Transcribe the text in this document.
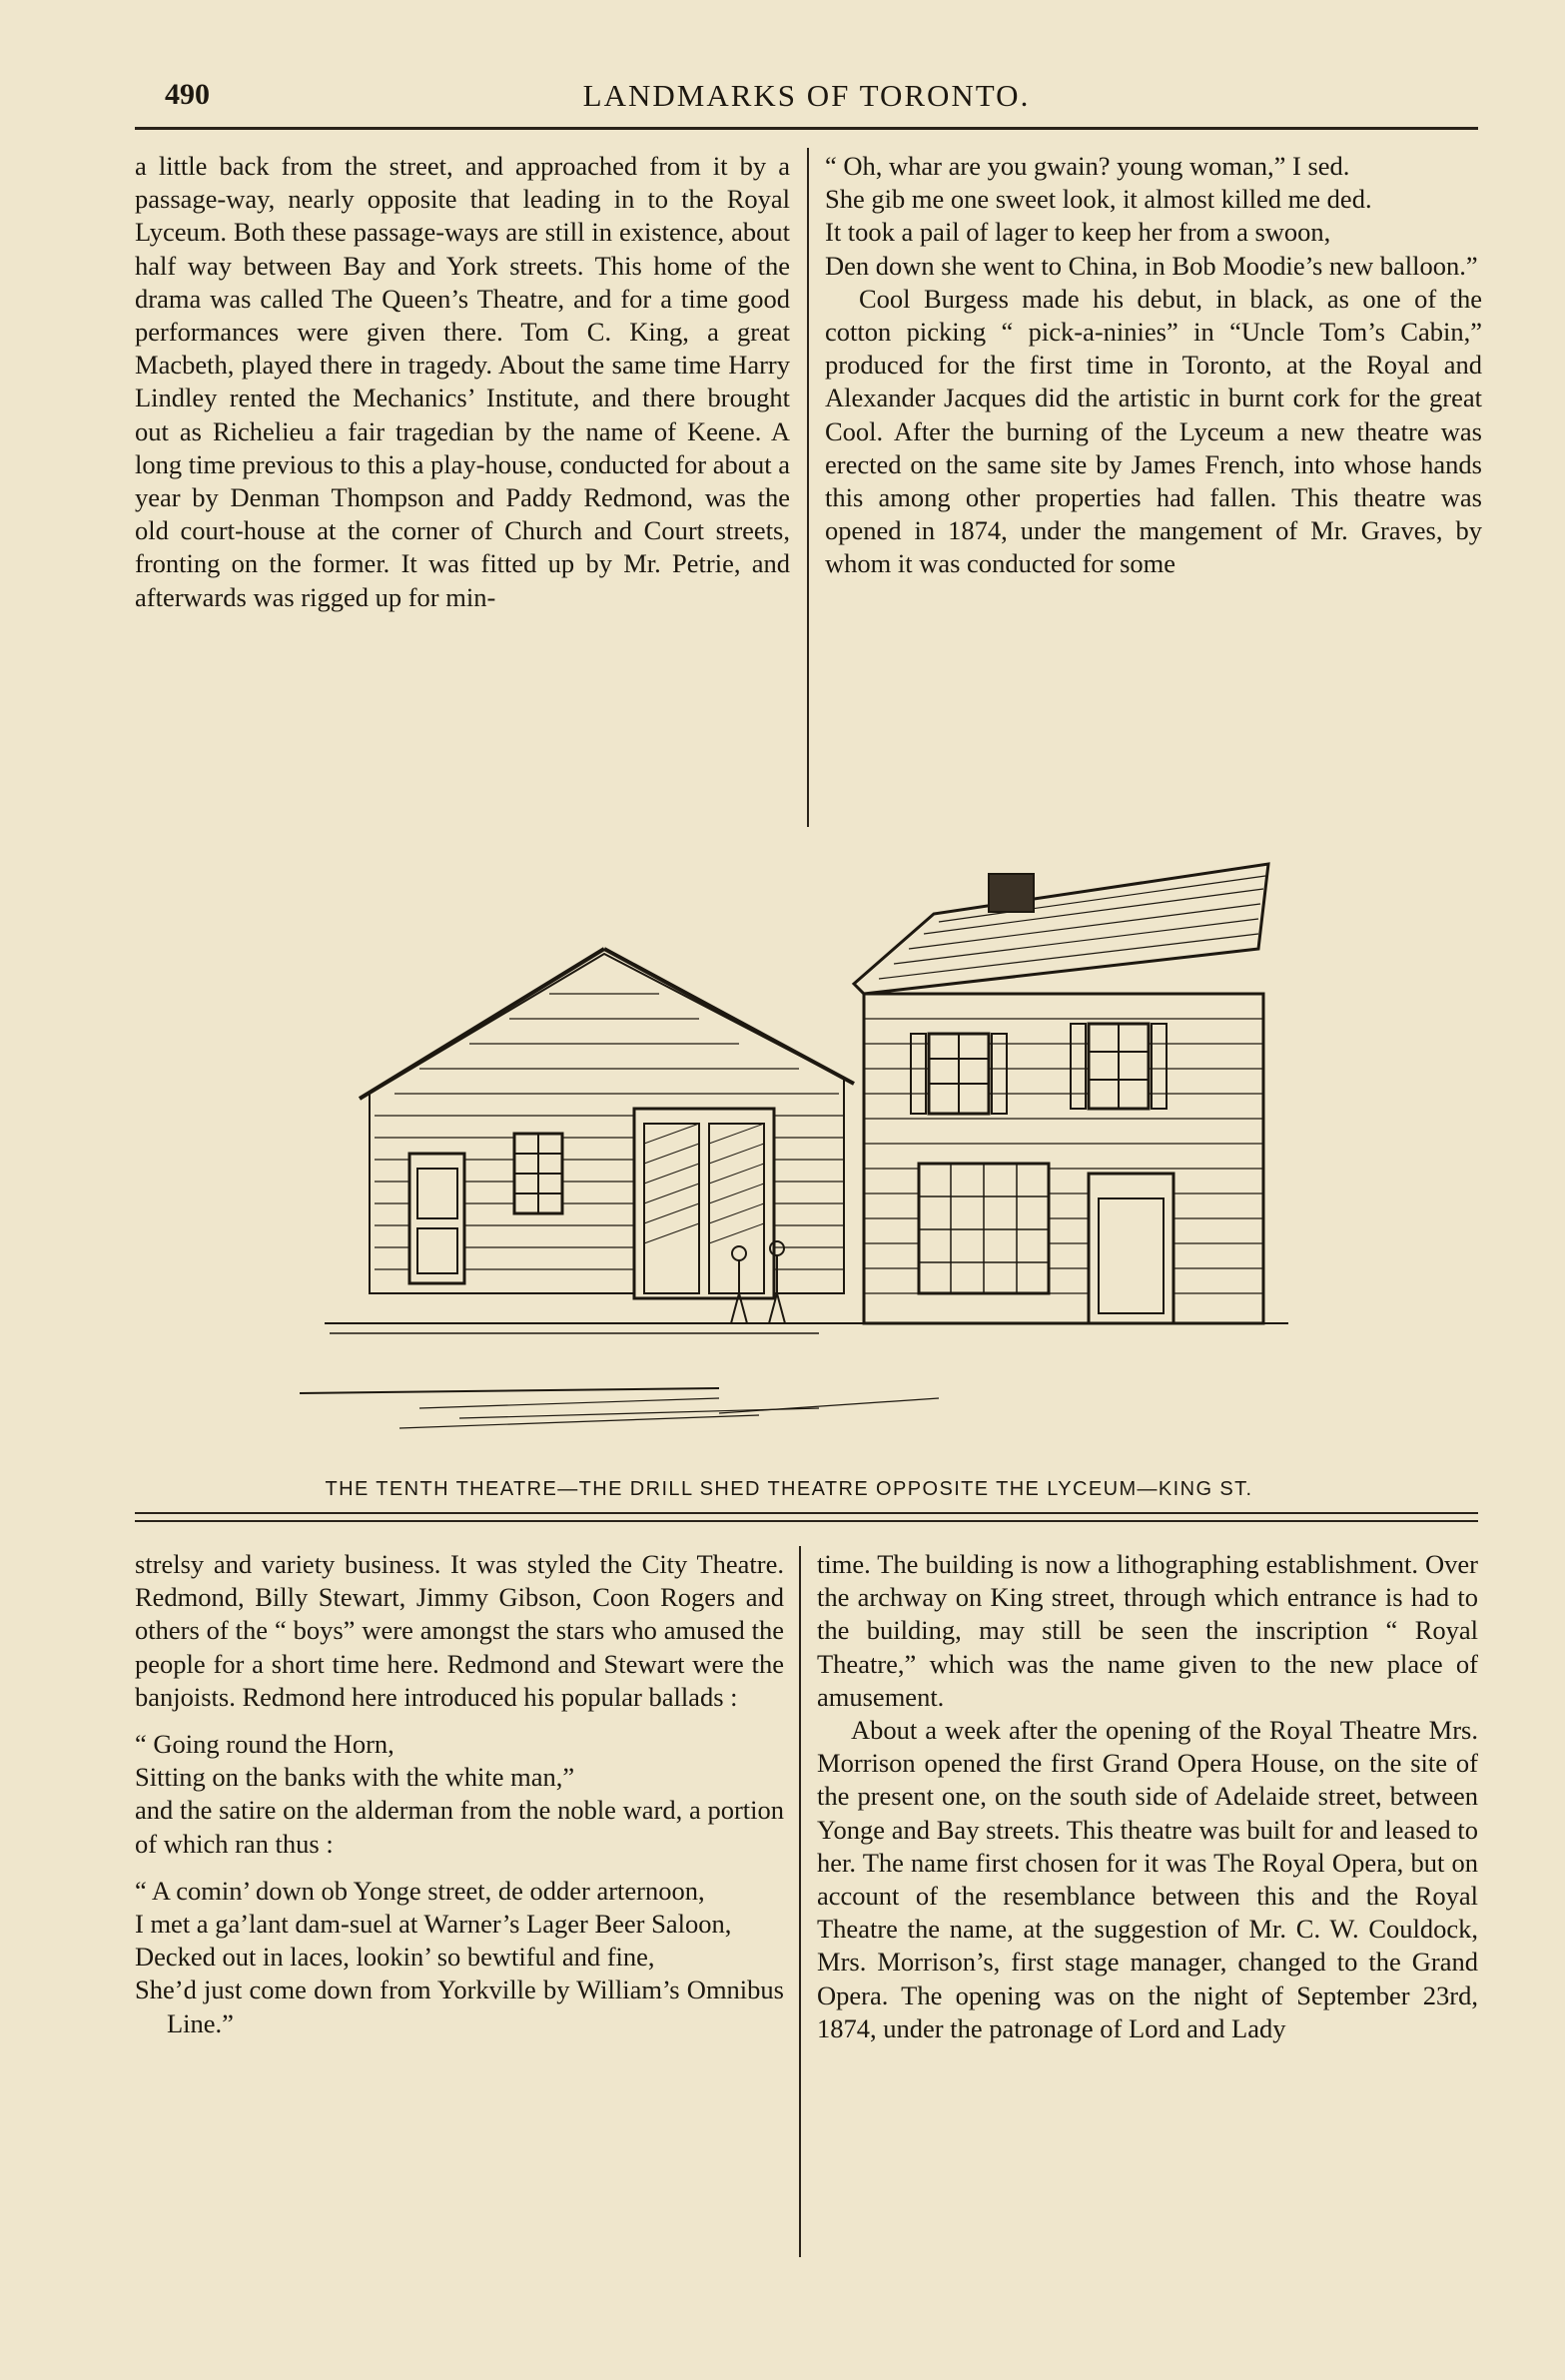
490	LANDMARKS OF TORONTO.

a little back from the street, and approached from it by a passage-way, nearly opposite that leading in to the Royal Lyceum. Both these passage-ways are still in existence, about half way between Bay and York streets. This home of the drama was called The Queen’s Theatre, and for a time good performances were given there. Tom C. King, a great Macbeth, played there in tragedy. About the same time Harry Lindley rented the Mechanics’ Institute, and there brought out as Richelieu a fair tragedian by the name of Keene. A long time previous to this a play-house, conducted for about a year by Denman Thompson and Paddy Redmond, was the old court-house at the corner of Church and Court streets, fronting on the former. It was fitted up by Mr. Petrie, and afterwards was rigged up for min-

“ Oh, whar are you gwain? young woman,” I sed.

She gib me one sweet look, it almost killed me ded.

It took a pail of lager to keep her from a swoon,

Den down she went to China, in Bob Moodie’s new balloon.”

Cool Burgess made his debut, in black, as one of the cotton picking “ pick-a-ninies” in “Uncle Tom’s Cabin,” produced for the first time in Toronto, at the Royal and Alexander Jacques did the artistic in burnt cork for the great Cool. After the burning of the Lyceum a new theatre was erected on the same site by James French, into whose hands this among other properties had fallen. This theatre was opened in 1874, under the mangement of Mr. Graves, by whom it was conducted for some

THE TENTH THEATRE—THE DRILL SHED THEATRE OPPOSITE THE LYCEUM—KING ST.

strelsy and variety business. It was styled the City Theatre. Redmond, Billy Stewart, Jimmy Gibson, Coon Rogers and others of the “ boys” were amongst the stars who amused the people for a short time here. Redmond and Stewart were the banjoists. Redmond here introduced his popular ballads :

“ Going round the Horn,

Sitting on the banks with the white man,”

and the satire on the alderman from the noble ward, a portion of which ran thus :

“ A comin’ down ob Yonge street, de odder arternoon,

I met a ga’lant dam-suel at Warner’s Lager Beer Saloon,

Decked out in laces, lookin’ so bewtiful and fine,

She’d just come down from Yorkville by William’s Omnibus Line.”

time. The building is now a lithographing establishment. Over the archway on King street, through which entrance is had to the building, may still be seen the inscription “ Royal Theatre,” which was the name given to the new place of amusement.

About a week after the opening of the Royal Theatre Mrs. Morrison opened the first Grand Opera House, on the site of the present one, on the south side of Adelaide street, between Yonge and Bay streets. This theatre was built for and leased to her. The name first chosen for it was The Royal Opera, but on account of the resemblance between this and the Royal Theatre the name, at the suggestion of Mr. C. W. Couldock, Mrs. Morrison’s, first stage manager, changed to the Grand Opera. The opening was on the night of September 23rd, 1874, under the patronage of Lord and Lady
